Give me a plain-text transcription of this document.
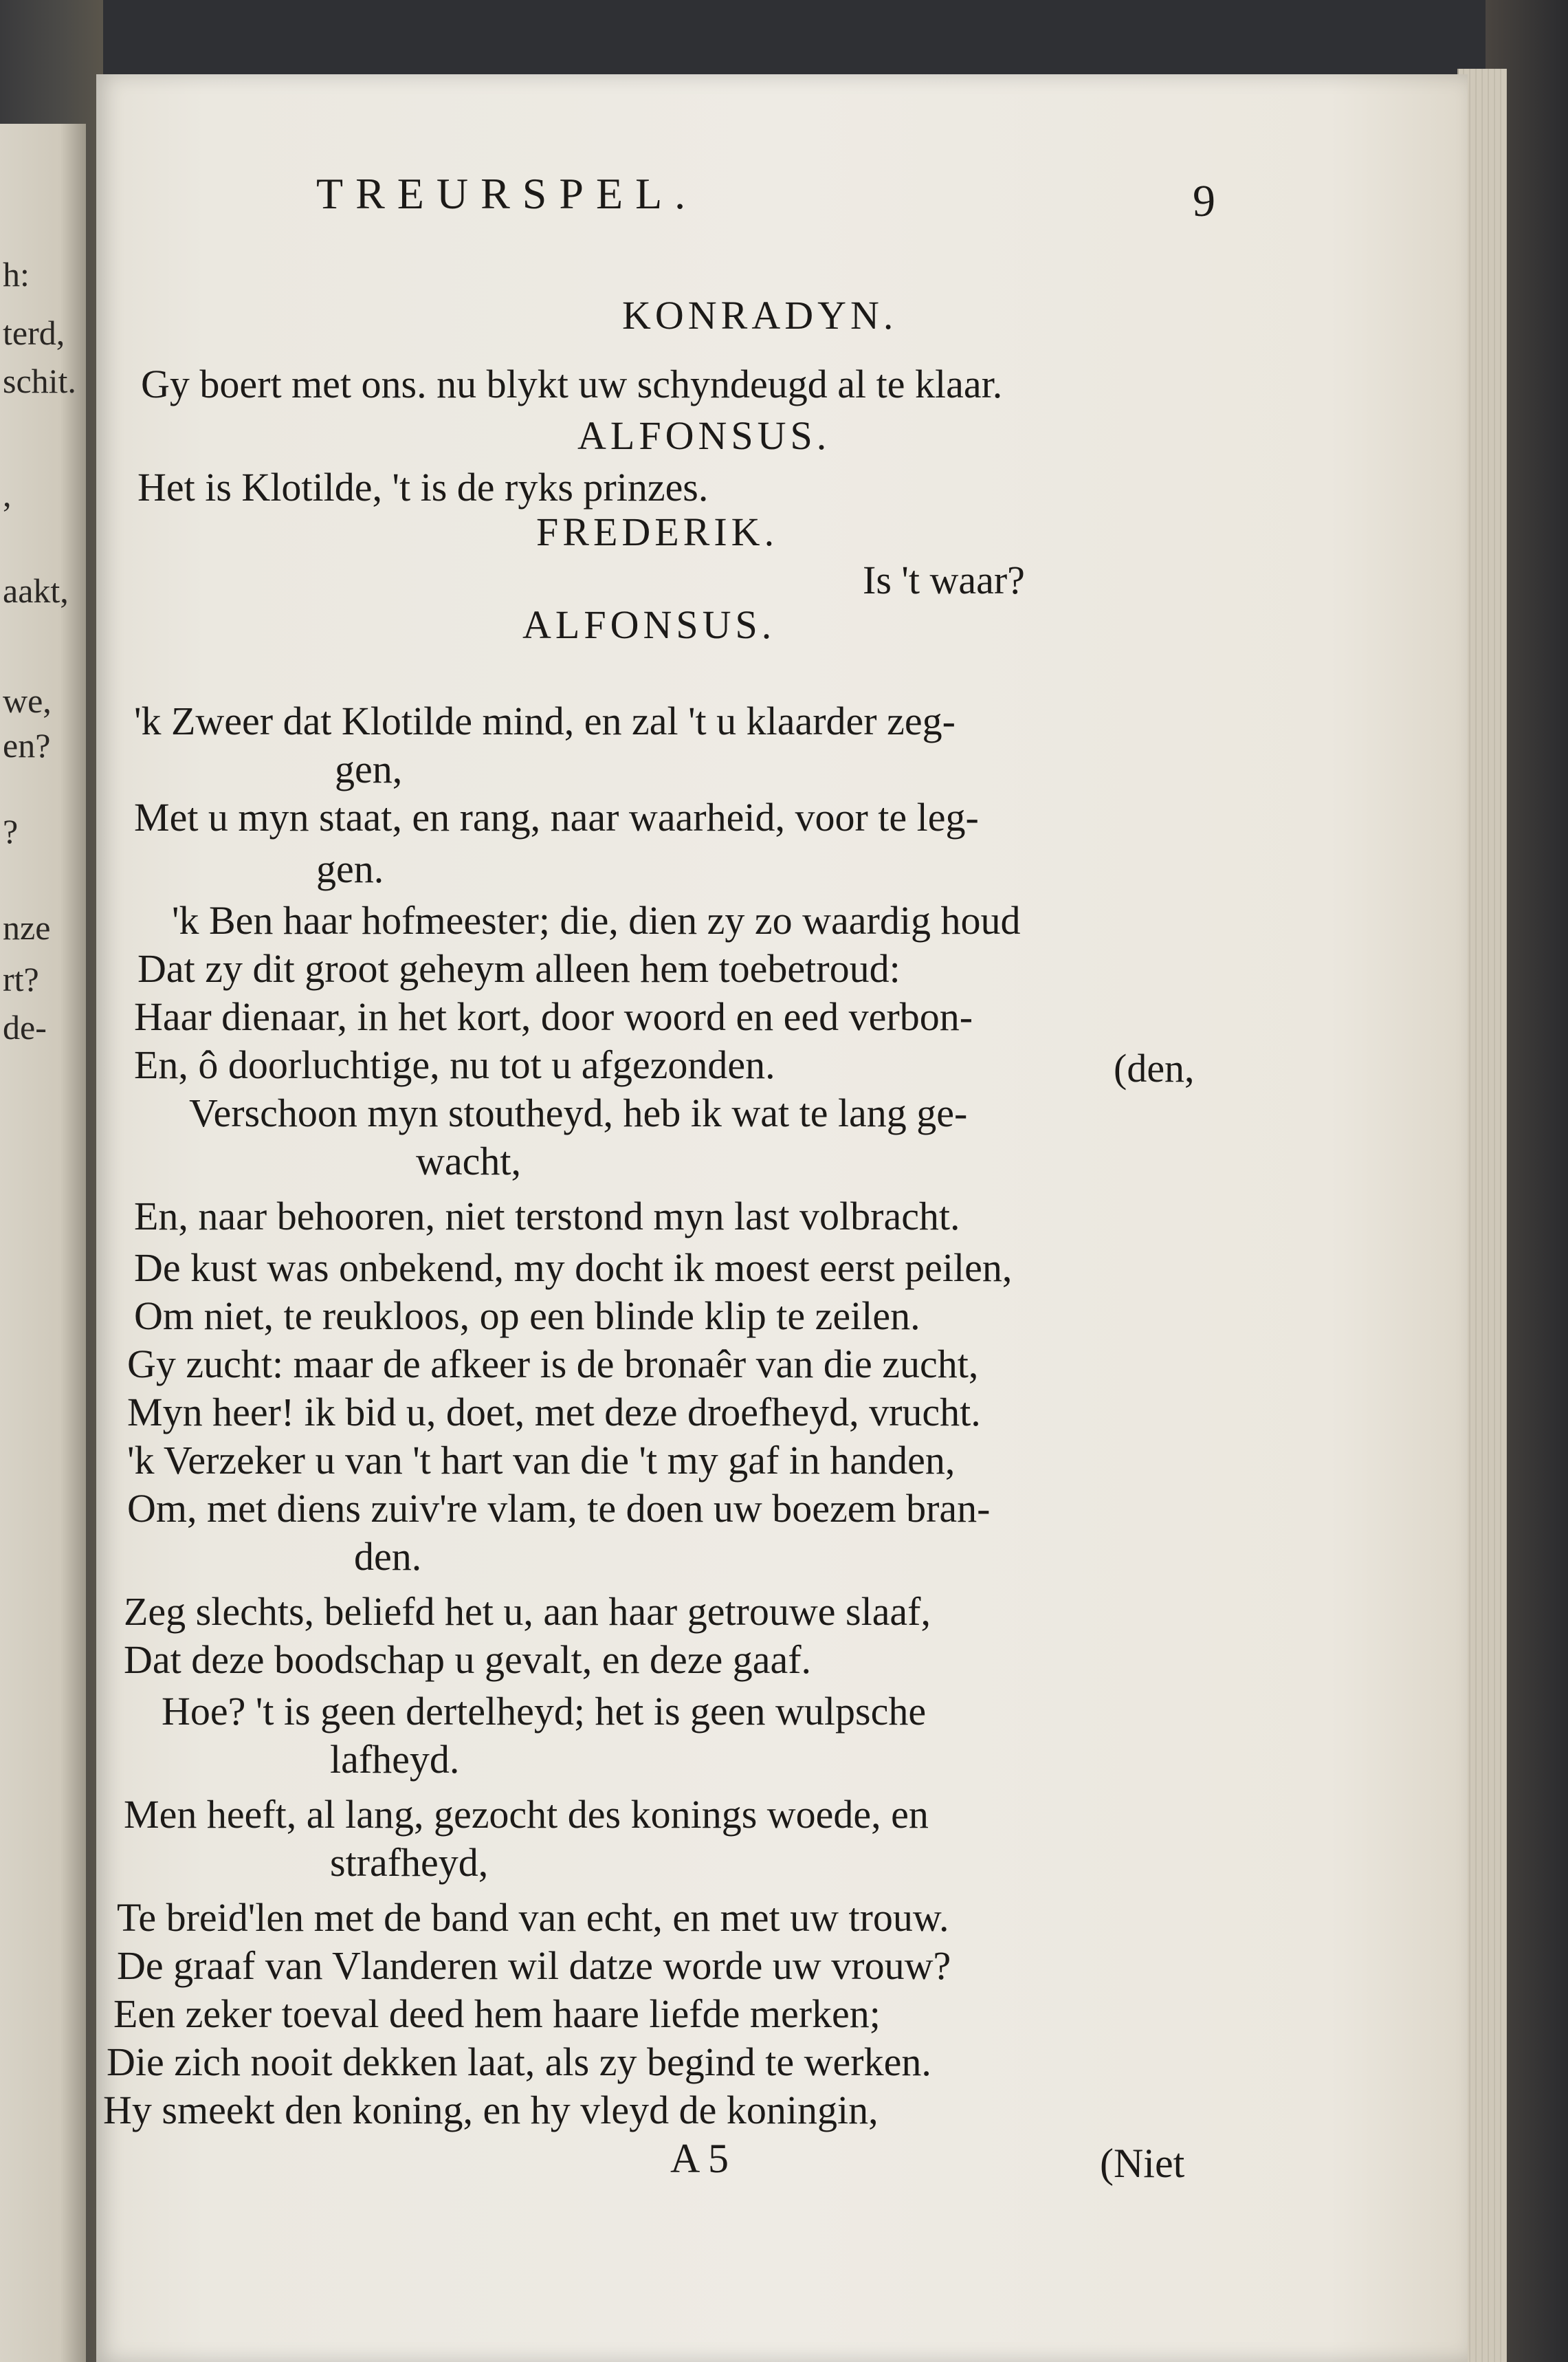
h:
terd,
schit.
,
aakt,
we,
en?
?
nze
rt?
de-
TREURSPEL.	9
KONRADYN.
Gy boert met ons. nu blykt uw schyndeugd al te klaar.
ALFONSUS.
Het is Klotilde, 't is de ryks prinzes.
FREDERIK.
Is 't waar?
ALFONSUS.
'k Zweer dat Klotilde mind, en zal 't u klaarder zeg-
gen,
Met u myn staat, en rang, naar waarheid, voor te leg-
gen.
'k Ben haar hofmeester; die, dien zy zo waardig houd
Dat zy dit groot geheym alleen hem toebetroud:
Haar dienaar, in het kort, door woord en eed verbon-
En, ô doorluchtige, nu tot u afgezonden.	(den,
Verschoon myn stoutheyd, heb ik wat te lang ge-
wacht,
En, naar behooren, niet terstond myn last volbracht.
De kust was onbekend, my docht ik moest eerst peilen,
Om niet, te reukloos, op een blinde klip te zeilen.
Gy zucht: maar de afkeer is de bronaêr van die zucht,
Myn heer! ik bid u, doet, met deze droefheyd, vrucht.
'k Verzeker u van 't hart van die 't my gaf in handen,
Om, met diens zuiv're vlam, te doen uw boezem bran-
den.
Zeg slechts, beliefd het u, aan haar getrouwe slaaf,
Dat deze boodschap u gevalt, en deze gaaf.
Hoe? 't is geen dertelheyd; het is geen wulpsche
lafheyd.
Men heeft, al lang, gezocht des konings woede, en
strafheyd,
Te breid'len met de band van echt, en met uw trouw.
De graaf van Vlanderen wil datze worde uw vrouw?
Een zeker toeval deed hem haare liefde merken;
Die zich nooit dekken laat, als zy begind te werken.
Hy smeekt den koning, en hy vleyd de koningin,
A 5	(Niet
